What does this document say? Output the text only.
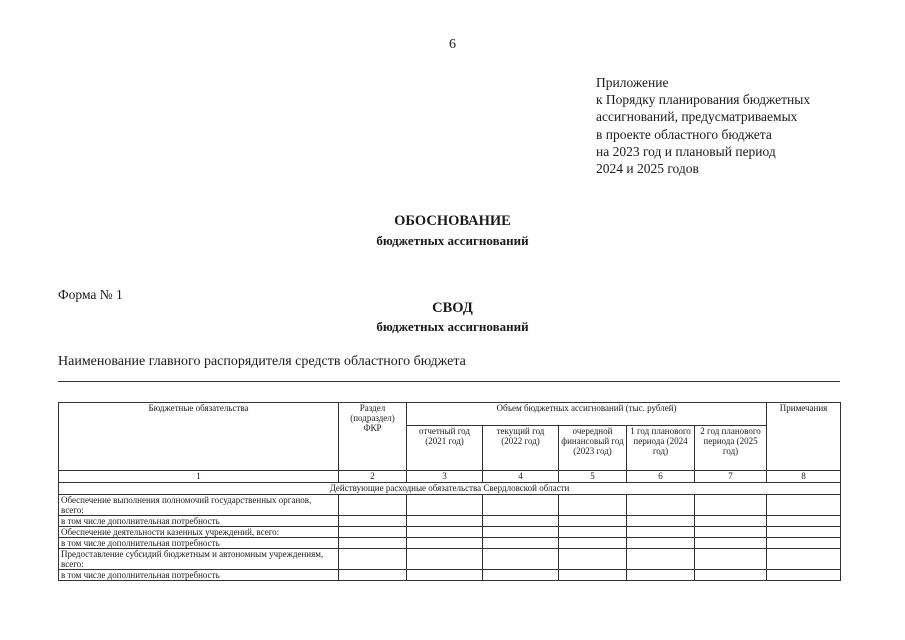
6
Приложение
к Порядку планирования бюджетных
ассигнований, предусматриваемых
в проекте областного бюджета
на 2023 год и плановый период
2024 и 2025 годов
ОБОСНОВАНИЕ
бюджетных ассигнований
Форма № 1
СВОД
бюджетных ассигнований
Наименование главного распорядителя средств областного бюджета
Бюджетные обязательства	Раздел (подраздел) ФКР	Объем бюджетных ассигнований (тыс. рублей)					Примечания
		отчетный год (2021 год)	текущий год (2022 год)	очередной финансовый год (2023 год)	1 год планового периода (2024 год)	2 год планового периода (2025 год)	
1	2	3	4	5	6	7	8
Действующие расходные обязательства Свердловской области							
Обеспечение выполнения полномочий государственных органов, всего:							
в том числе дополнительная потребность							
Обеспечение деятельности казенных учреждений, всего:							
в том числе дополнительная потребность							
Предоставление субсидий бюджетным и автономным учреждениям, всего:							
в том числе дополнительная потребность							
